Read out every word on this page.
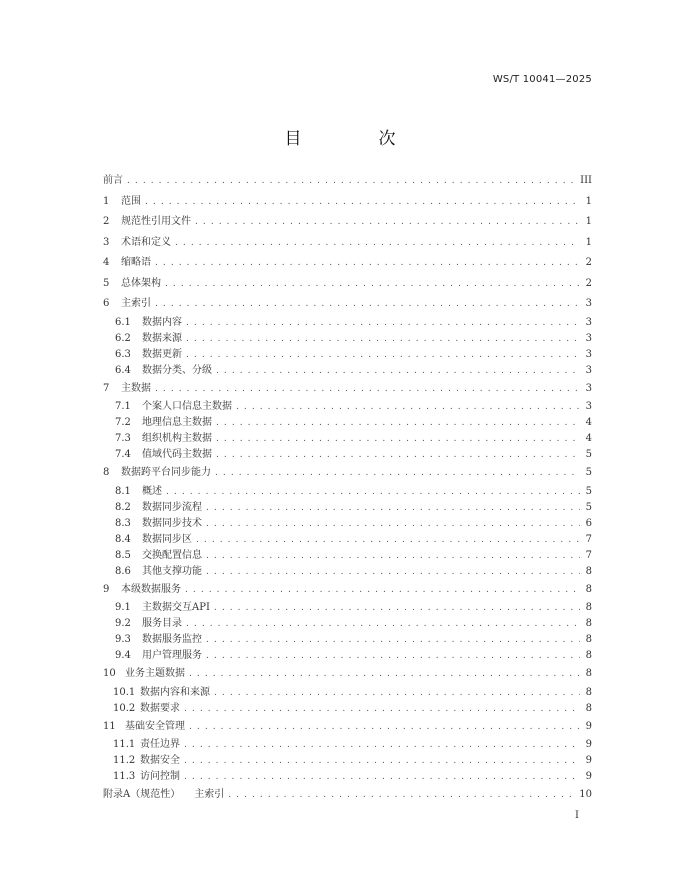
WS/T 10041—2025
目　次
前言 . . .	III
1	范围 . . .	1
2	规范性引用文件 . . .	1
3	术语和定义 . . .	1
4	缩略语 . . .	2
5	总体架构 . . .	2
6	主索引 . . .	3
6.1	数据内容 . . .	3
6.2	数据来源 . . .	3
6.3	数据更新 . . .	3
6.4	数据分类、分级 . . .	3
7	主数据 . . .	3
7.1	个案人口信息主数据 . . .	3
7.2	地理信息主数据 . . .	4
7.3	组织机构主数据 . . .	4
7.4	值域代码主数据 . . .	5
8	数据跨平台同步能力 . . .	5
8.1	概述 . . .	5
8.2	数据同步流程 . . .	5
8.3	数据同步技术 . . .	6
8.4	数据同步区 . . .	7
8.5	交换配置信息 . . .	7
8.6	其他支撑功能 . . .	8
9	本级数据服务 . . .	8
9.1	主数据交互API . . .	8
9.2	服务目录 . . .	8
9.3	数据服务监控 . . .	8
9.4	用户管理服务 . . .	8
10 业务主题数据 . . .	8
10.1 数据内容和来源 . . .	8
10.2 数据要求 . . .	8
11 基础安全管理 . . .	9
11.1 责任边界 . . .	9
11.2 数据安全 . . .	9
11.3 访问控制 . . .	9
附录A（规范性） 主索引 . . .	10
I
